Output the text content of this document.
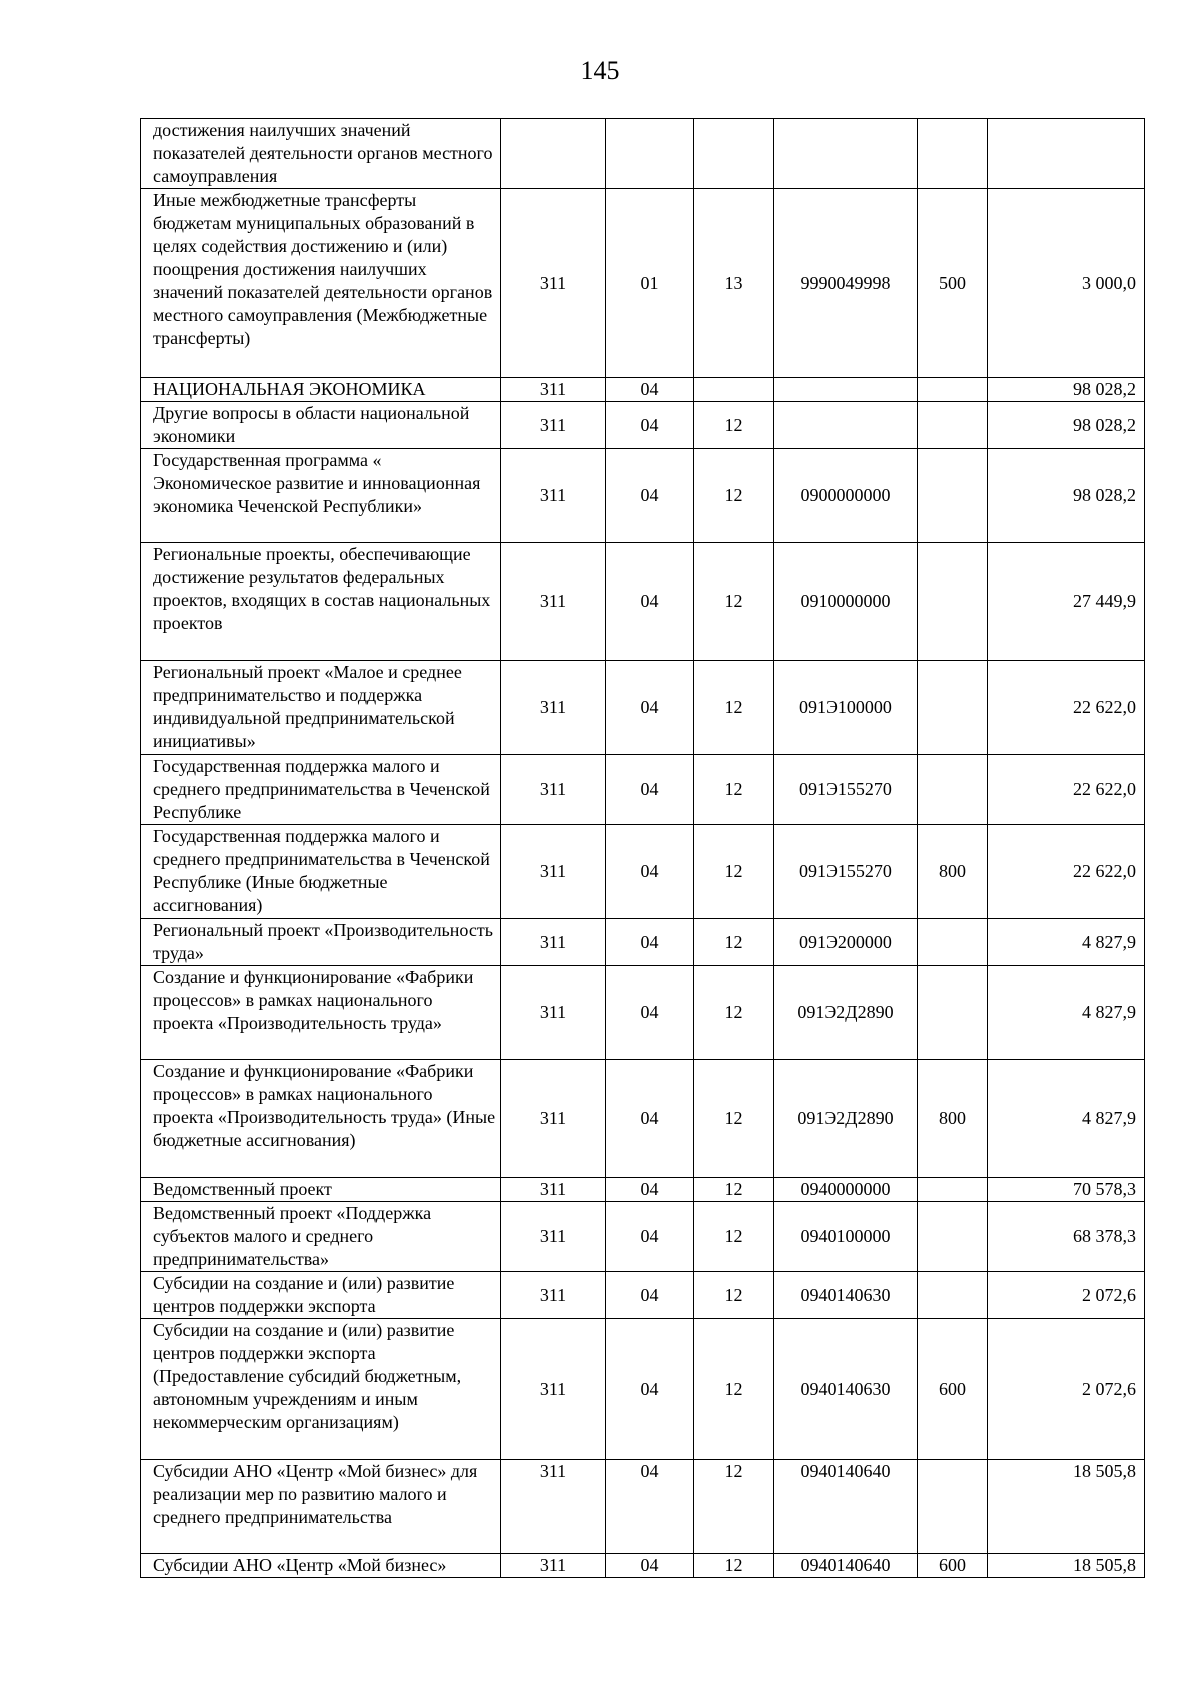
145
достижения наилучших значений показателей деятельности органов местного самоуправления						
Иные межбюджетные трансферты бюджетам муниципальных образований в целях содействия достижению и (или) поощрения достижения наилучших значений показателей деятельности органов местного самоуправления (Межбюджетные трансферты)	311	01	13	9990049998	500	3 000,0
НАЦИОНАЛЬНАЯ ЭКОНОМИКА	311	04				98 028,2
Другие вопросы в области национальной экономики	311	04	12			98 028,2
Государственная программа « Экономическое развитие и инновационная экономика Чеченской Республики»	311	04	12	0900000000		98 028,2
Региональные проекты, обеспечивающие достижение результатов федеральных проектов, входящих в состав национальных проектов	311	04	12	0910000000		27 449,9
Региональный проект «Малое и среднее предпринимательство и поддержка индивидуальной предпринимательской инициативы»	311	04	12	091Э100000		22 622,0
Государственная поддержка малого и среднего предпринимательства в Чеченской Республике	311	04	12	091Э155270		22 622,0
Государственная поддержка малого и среднего предпринимательства в Чеченской Республике (Иные бюджетные ассигнования)	311	04	12	091Э155270	800	22 622,0
Региональный проект «Производительность труда»	311	04	12	091Э200000		4 827,9
Создание и функционирование «Фабрики процессов» в рамках национального проекта «Производительность труда»	311	04	12	091Э2Д2890		4 827,9
Создание и функционирование «Фабрики процессов» в рамках национального проекта «Производительность труда» (Иные бюджетные ассигнования)	311	04	12	091Э2Д2890	800	4 827,9
Ведомственный проект	311	04	12	0940000000		70 578,3
Ведомственный проект «Поддержка субъектов малого и среднего предпринимательства»	311	04	12	0940100000		68 378,3
Субсидии на создание и (или) развитие центров поддержки экспорта	311	04	12	0940140630		2 072,6
Субсидии на создание и (или) развитие центров поддержки экспорта (Предоставление субсидий бюджетным, автономным учреждениям и иным некоммерческим организациям)	311	04	12	0940140630	600	2 072,6
Субсидии АНО «Центр «Мой бизнес» для реализации мер по развитию малого и среднего предпринимательства	311	04	12	0940140640		18 505,8
Субсидии АНО «Центр «Мой бизнес»	311	04	12	0940140640	600	18 505,8
